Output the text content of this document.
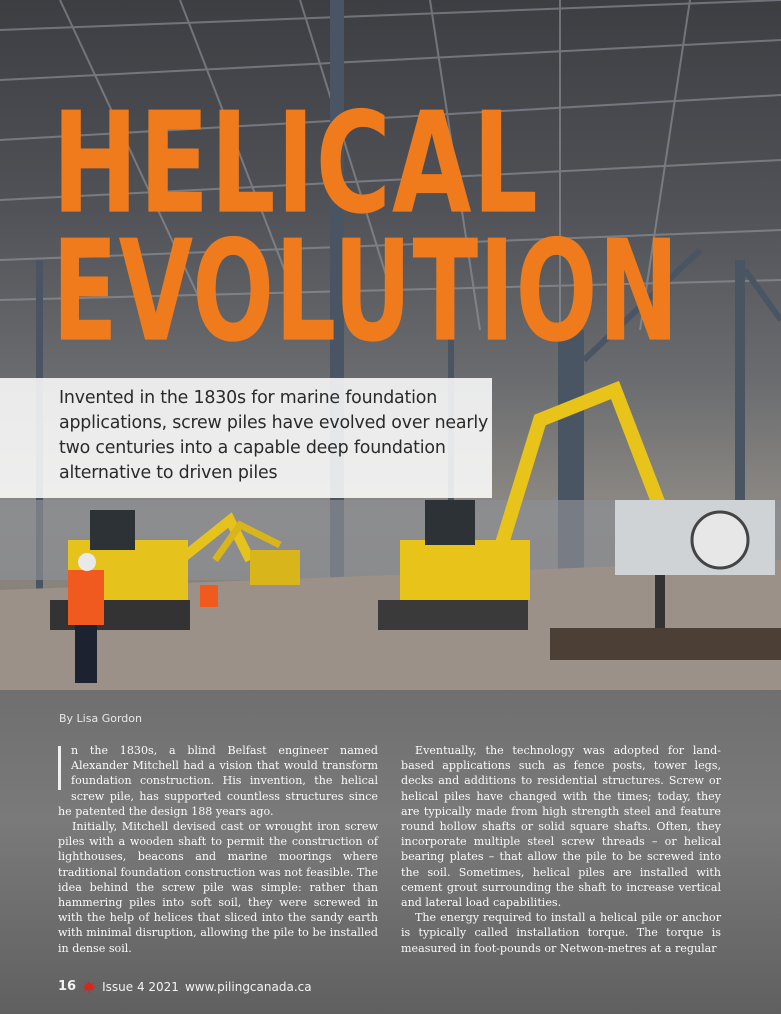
HELICAL
EVOLUTION

Invented in the 1830s for marine foundation applications, screw piles have evolved over nearly two centuries into a capable deep foundation alternative to driven piles

By Lisa Gordon

n the 1830s, a blind Belfast engineer named Alexander Mitchell had a vision that would transform foundation construction. His invention, the helical screw pile, has supported countless structures since he patented the design 188 years ago.

Initially, Mitchell devised cast or wrought iron screw piles with a wooden shaft to permit the construction of lighthouses, beacons and marine moorings where traditional foundation construction was not feasible. The idea behind the screw pile was simple: rather than hammering piles into soft soil, they were screwed in with the help of helices that sliced into the sandy earth with minimal disruption, allowing the pile to be installed in dense soil.

Eventually, the technology was adopted for land-based applications such as fence posts, tower legs, decks and additions to residential structures. Screw or helical piles have changed with the times; today, they are typically made from high strength steel and feature round hollow shafts or solid square shafts. Often, they incorporate multiple steel screw threads – or helical bearing plates – that allow the pile to be screwed into the soil. Sometimes, helical piles are installed with cement grout surrounding the shaft to increase vertical and lateral load capabilities.

The energy required to install a helical pile or anchor is typically called installation torque. The torque is measured in foot-pounds or Netwon-metres at a regular

16 Issue 4 2021 www.pilingcanada.ca
